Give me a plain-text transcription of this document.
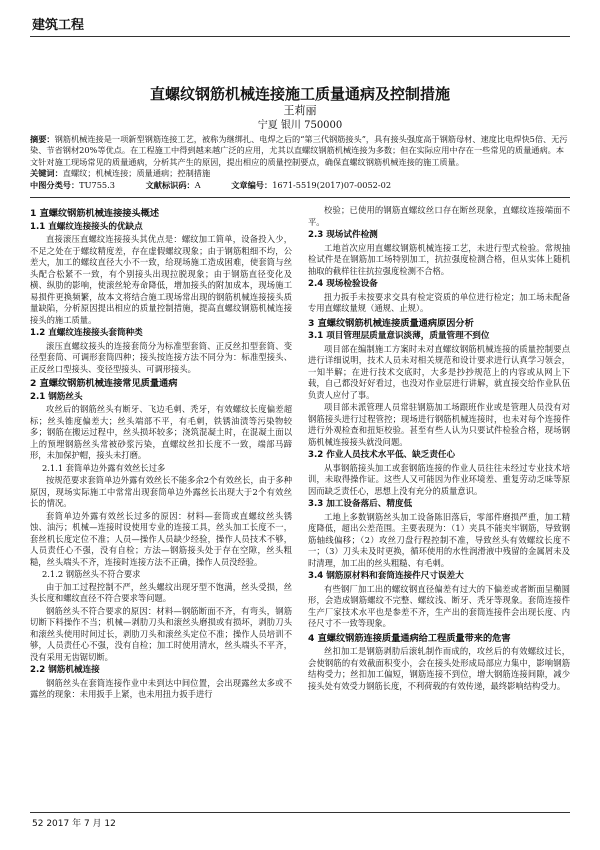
建筑工程
直螺纹钢筋机械连接施工质量通病及控制措施
王莉丽
宁夏 银川 750000
摘要：钢筋机械连接是一项新型钢筋连接工艺，被称为继绑扎、电焊之后的“第三代钢筋接头”，具有接头强度高于钢筋母材、速度比电焊快5倍、无污染、节省钢材20%等优点。在工程施工中得到越来越广泛的应用，尤其以直螺纹钢筋机械连接为多数；但在实际应用中存在一些常见的质量通病。本文针对施工现场常见的质量通病，分析其产生的原因，提出相应的质量控制要点，确保直螺纹钢筋机械连接的施工质量。
关键词：直螺纹；机械连接；质量通病；控制措施
中图分类号：TU755.3	文献标识码：A	文章编号：1671-5519(2017)07-0052-02
1 直螺纹钢筋机械连接接头概述
1.1 直螺纹连接接头的优缺点

直接滚压直螺纹连接接头其优点是：螺纹加工简单，设备投入少，不足之处在于螺纹精度差，存在虚假螺纹现象；由于钢筋粗细不均，公差大，加工的螺纹直径大小不一致，给现场施工造成困难，使套筒与丝头配合松紧不一致，有个别接头出现拉脱现象；由于钢筋直径变化及横、纵肋的影响，使滚丝轮寿命降低，增加接头的附加成本，现场施工易损件更换频繁，故本文将结合施工现场常出现的钢筋机械连接接头质量缺陷，分析原因提出相应的质量控制措施，提高直螺纹钢筋机械连接接头的施工质量。

1.2 直螺纹连接接头套筒种类

滚压直螺纹接头的连接套筒分为标准型套筒、正反丝扣型套筒、变径型套筒、可调形套筒四种；接头按连接方法不同分为：标准型接头、正反丝口型接头、变径型接头、可调形接头。

2 直螺纹钢筋机械连接常见质量通病
2.1 钢筋丝头

攻丝后的钢筋丝头有断牙、飞边毛刺、秃牙，有效螺纹长度偏差超标；丝头锥度偏差大；丝头端部不平，有毛刺，铁锈油渍等污染物较多；钢筋在搬运过程中，丝头损坏较多；浇筑混凝土时，在混凝土面以上的预埋钢筋丝头常被砂浆污染，直螺纹丝扣长度不一致，端部马蹄形，未加保护帽，接头未打磨。

2.1.1 套筒单边外露有效丝长过多

按规范要求套筒单边外露有效丝长不能多余2个有效丝长，由于多种原因，现场实际施工中常常出现套筒单边外露丝长出现大于2个有效丝长的情况。

套筒单边外露有效丝长过多的原因：材料—套筒或直螺纹丝头锈蚀、油污；机械—连接时设使用专业的连接工具，丝头加工长度不一，套丝机长度定位不准；人员—操作人员缺少经验，操作人员技术不够，人员责任心不强，没有自检；方法—钢筋接头处于存在空隙，丝头粗糙，丝头端头不齐，连接时连接方法不正确，操作人员没经验。

2.1.2 钢筋丝头不符合要求

由于加工过程控制不严，丝头螺纹出现牙型不饱满，丝头受损，丝头长度和螺纹直径不符合要求等问题。

钢筋丝头不符合要求的原因：材料—钢筋断面不齐，有弯头，钢筋切断下料操作不当；机械—剥肋刀头和滚丝头磨损或有损坏，剥肋刀头和滚丝头使用时间过长，剥肋刀头和滚丝头定位不准；操作人员培训不够，人员责任心不强，没有自检；加工时使用清水，丝头端头不平齐，没有采用无齿锯切断。

2.2 钢筋机械连接

钢筋丝头在套筒连接作业中未到达中间位置，会出现露丝太多或不露丝的现象：未用扳手上紧，也未用扭力扳手进行

校验；已使用的钢筋直螺纹丝口存在断丝现象，直螺纹连接端面不平。

2.3 现场试件检测

工地首次应用直螺纹钢筋机械连接工艺，未进行型式检验。常规抽检试件是在钢筋加工场特别加工，抗拉强度检测合格，但从实体上随机抽取的截样往往抗拉强度检测不合格。

2.4 现场检验设备

扭力扳手未按要求交具有检定资质的单位进行检定；加工场未配备专用直螺纹量规（通规、止规）。

3 直螺纹钢筋机械连接质量通病原因分析
3.1 项目管理层质量意识淡薄，质量管理不到位

项目部在编制施工方案时未对直螺纹钢筋机械连接的质量控制要点进行详细说明，技术人员未对相关规范和设计要求进行认真学习领会，一知半解；在进行技术交底时，大多是抄抄规范上的内容或从网上下载，自己都没好好看过，也没对作业层进行讲解，就直接交给作业队伍负责人应付了事。

项目部未派管理人员常驻钢筋加工场跟班作业或是管理人员没有对钢筋接头进行过程管控；现场进行钢筋机械连接时，也未对每个连接件进行外观检查和扭矩校验。甚至有些人认为只要试件检验合格，现场钢筋机械连接接头就没问题。

3.2 作业人员技术水平低、缺乏责任心

从事钢筋接头加工或套钢筋连接的作业人员往往未经过专业技术培训，未取得操作证。这些人又可能因为作业环境差、重复劳动乏味等原因而缺乏责任心，思想上没有充分的质量意识。

3.3 加工设备落后、精度低

工地上多数钢筋丝头加工设备陈旧落后，零部件磨损严重，加工精度降低，超出公差范围。主要表现为：（1）夹具不能夹牢钢筋，导致钢筋轴线偏移；（2）攻丝刀盘行程控制不准，导致丝头有效螺纹长度不一；（3）刀头未及时更换，循环使用的水性润滑液中残留的金属屑未及时清理，加工出的丝头粗糙、有毛刺。

3.4 钢筋原材料和套筒连接件尺寸误差大

有些钢厂加工出的螺纹钢直径偏差有过大的下偏差或者断面呈椭圆形，会造成钢筋螺纹不完整、螺纹浅、断牙、秃牙等现象。套筒连接件生产厂家技术水平也是参差不齐，生产出的套筒连接件会出现长度、内径尺寸不一致等现象。

4 直螺纹钢筋连接质量通病给工程质量带来的危害

丝扣加工是钢筋剥肋后滚轧制作而成的，攻丝后的有效螺纹过长，会使钢筋的有效截面积变小，会在接头处形成局部应力集中，影响钢筋结构受力；丝扣加工偏短，钢筋连接不到位，增大钢筋连接间隙，减少接头处有效受力钢筋长度，不利荷载的有效传递，最终影响结构受力。

52 2017 年 7 月 12
